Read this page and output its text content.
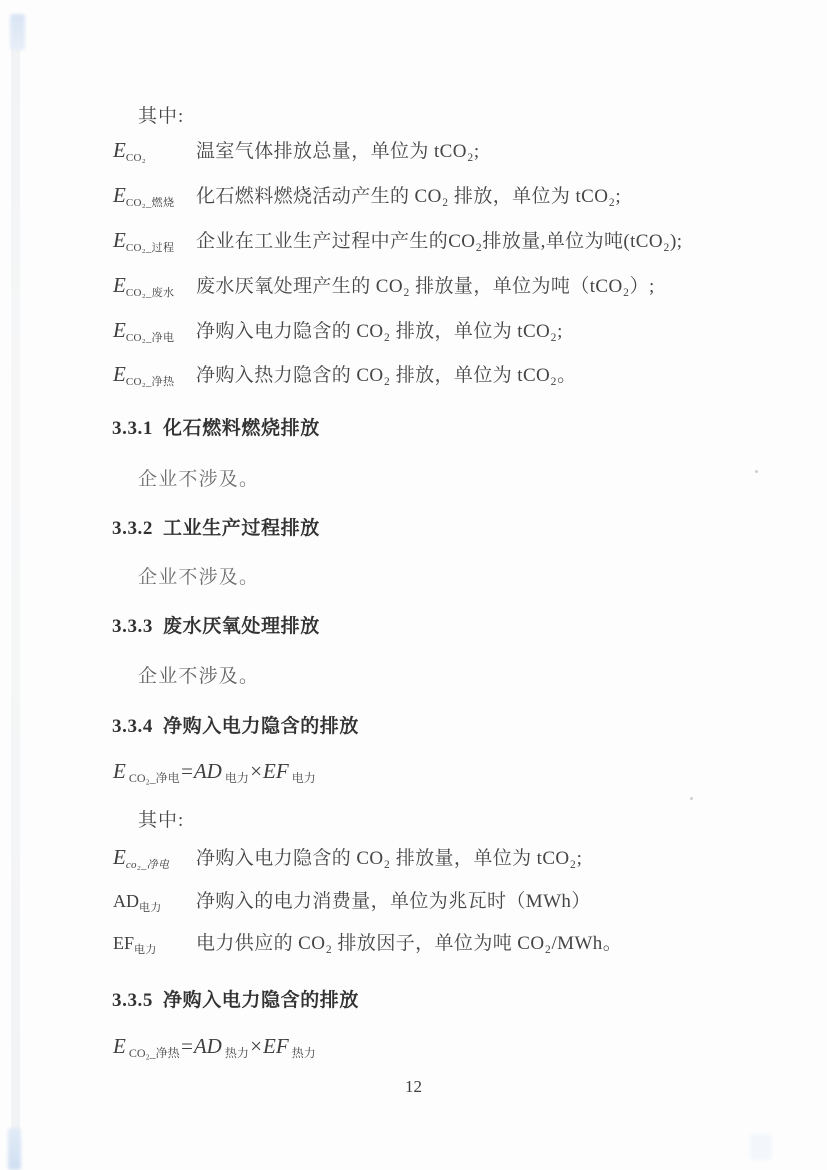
其中:
$E_{CO_2}$	温室气体排放总量，单位为 tCO₂;
$E_{CO_2\_燃烧}$	化石燃料燃烧活动产生的 CO₂ 排放，单位为 tCO₂;
$E_{CO_2\_过程}$	企业在工业生产过程中产生的CO₂排放量,单位为吨(tCO₂);
$E_{CO_2\_废水}$	废水厌氧处理产生的 CO₂ 排放量，单位为吨（tCO₂）;
$E_{CO_2\_净电}$	净购入电力隐含的 CO₂ 排放，单位为 tCO₂;
$E_{CO_2\_净热}$	净购入热力隐含的 CO₂ 排放，单位为 tCO₂。
3.3.1 化石燃料燃烧排放
企业不涉及。
3.3.2 工业生产过程排放
企业不涉及。
3.3.3 废水厌氧处理排放
企业不涉及。
3.3.4 净购入电力隐含的排放
E $_{CO_2\_净电}$=AD $_{电力}$×EF $_{电力}$
其中:
$E_{co_2\_净电}$	净购入电力隐含的 CO₂ 排放量，单位为 tCO₂;
$AD_{电力}$	净购入的电力消费量，单位为兆瓦时（MWh）
$EF_{电力}$	电力供应的 CO₂ 排放因子，单位为吨 CO₂/MWh。
3.3.5 净购入电力隐含的排放
E $_{CO_2\_净热}$=AD $_{热力}$×EF $_{热力}$
12
